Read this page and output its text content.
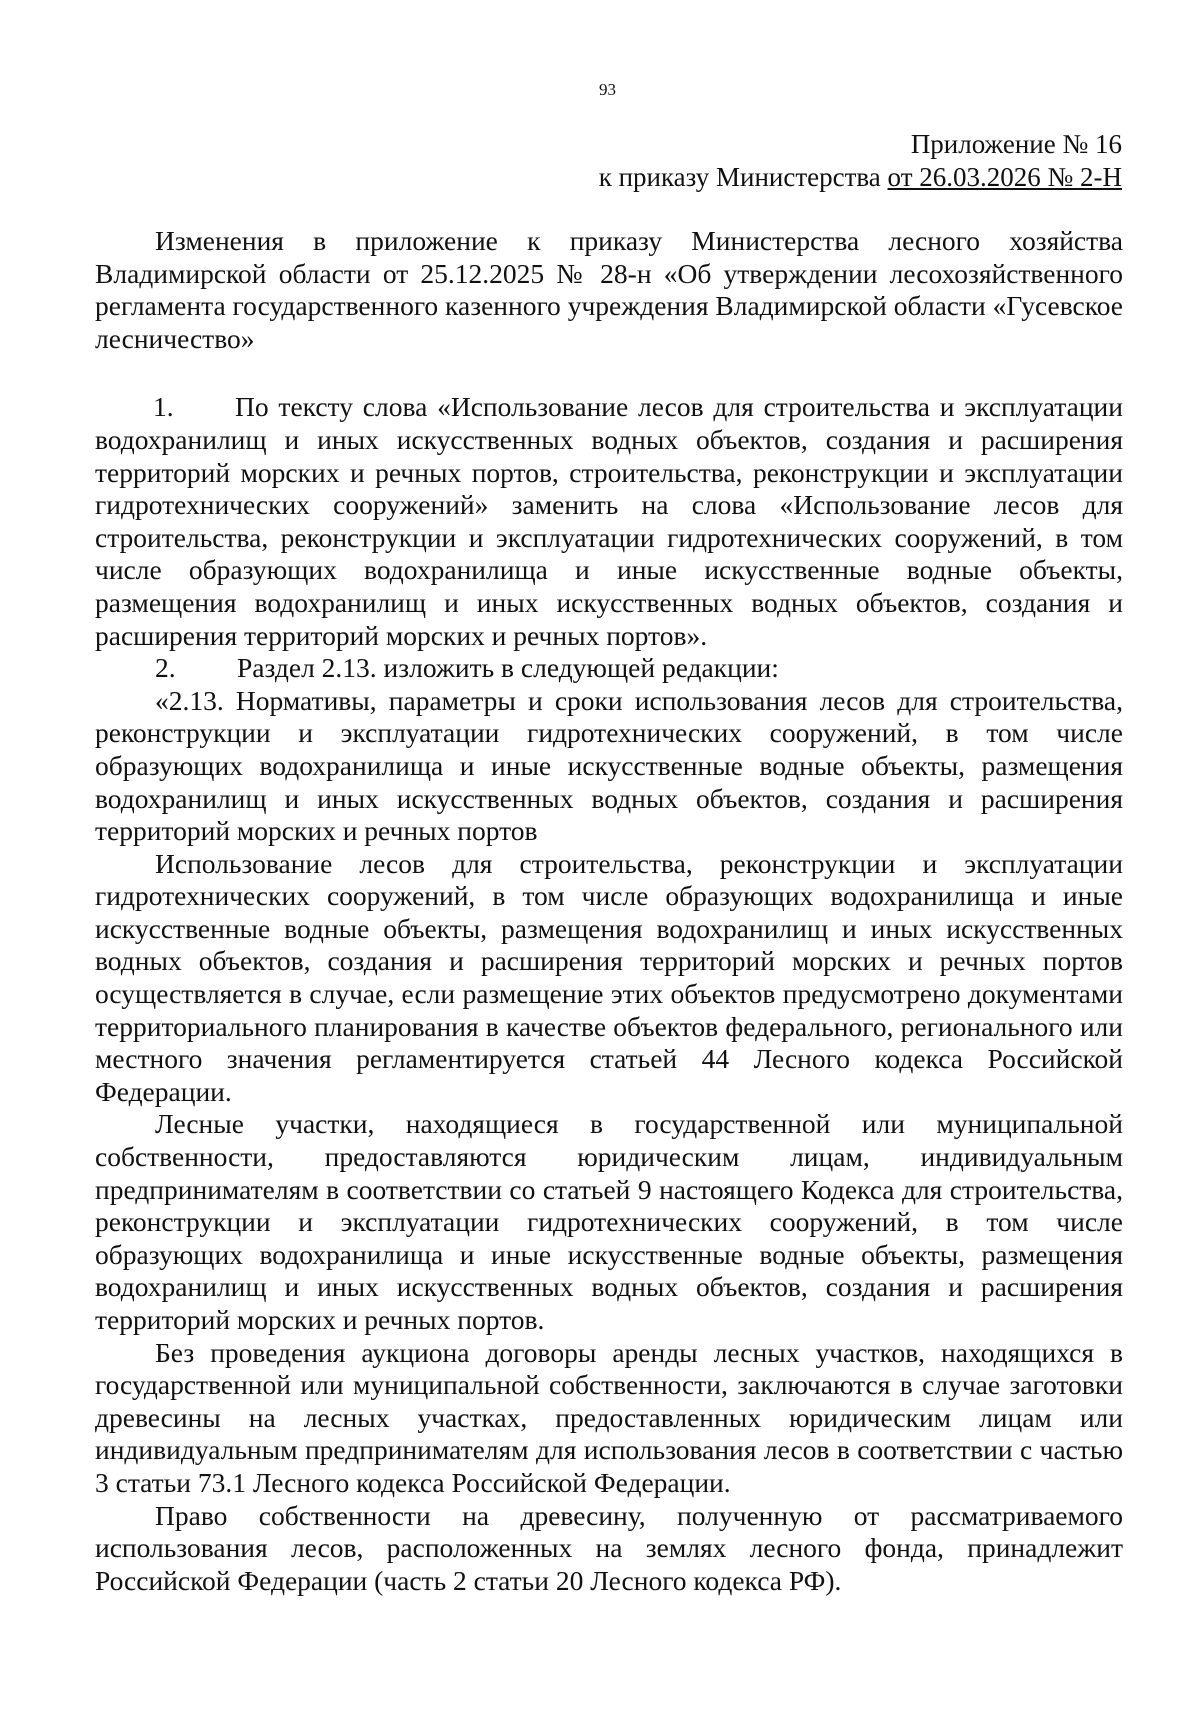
93
Приложение № 16
к приказу Министерства от 26.03.2026 № 2-Н

Изменения в приложение к приказу Министерства лесного хозяйства Владимирской области от 25.12.2025 № 28-н «Об утверждении лесохозяйственного регламента государственного казенного учреждения Владимирской области «Гусевское лесничество»

1. По тексту слова «Использование лесов для строительства и эксплуатации водохранилищ и иных искусственных водных объектов, создания и расширения территорий морских и речных портов, строительства, реконструкции и эксплуатации гидротехнических сооружений» заменить на слова «Использование лесов для строительства, реконструкции и эксплуатации гидротехнических сооружений, в том числе образующих водохранилища и иные искусственные водные объекты, размещения водохранилищ и иных искусственных водных объектов, создания и расширения территорий морских и речных портов».

2. Раздел 2.13. изложить в следующей редакции:

«2.13. Нормативы, параметры и сроки использования лесов для строительства, реконструкции и эксплуатации гидротехнических сооружений, в том числе образующих водохранилища и иные искусственные водные объекты, размещения водохранилищ и иных искусственных водных объектов, создания и расширения территорий морских и речных портов

Использование лесов для строительства, реконструкции и эксплуатации гидротехнических сооружений, в том числе образующих водохранилища и иные искусственные водные объекты, размещения водохранилищ и иных искусственных водных объектов, создания и расширения территорий морских и речных портов осуществляется в случае, если размещение этих объектов предусмотрено документами территориального планирования в качестве объектов федерального, регионального или местного значения регламентируется статьей 44 Лесного кодекса Российской Федерации.

Лесные участки, находящиеся в государственной или муниципальной собственности, предоставляются юридическим лицам, индивидуальным предпринимателям в соответствии со статьей 9 настоящего Кодекса для строительства, реконструкции и эксплуатации гидротехнических сооружений, в том числе образующих водохранилища и иные искусственные водные объекты, размещения водохранилищ и иных искусственных водных объектов, создания и расширения территорий морских и речных портов.

Без проведения аукциона договоры аренды лесных участков, находящихся в государственной или муниципальной собственности, заключаются в случае заготовки древесины на лесных участках, предоставленных юридическим лицам или индивидуальным предпринимателям для использования лесов в соответствии с частью 3 статьи 73.1 Лесного кодекса Российской Федерации.

Право собственности на древесину, полученную от рассматриваемого использования лесов, расположенных на землях лесного фонда, принадлежит Российской Федерации (часть 2 статьи 20 Лесного кодекса РФ).
